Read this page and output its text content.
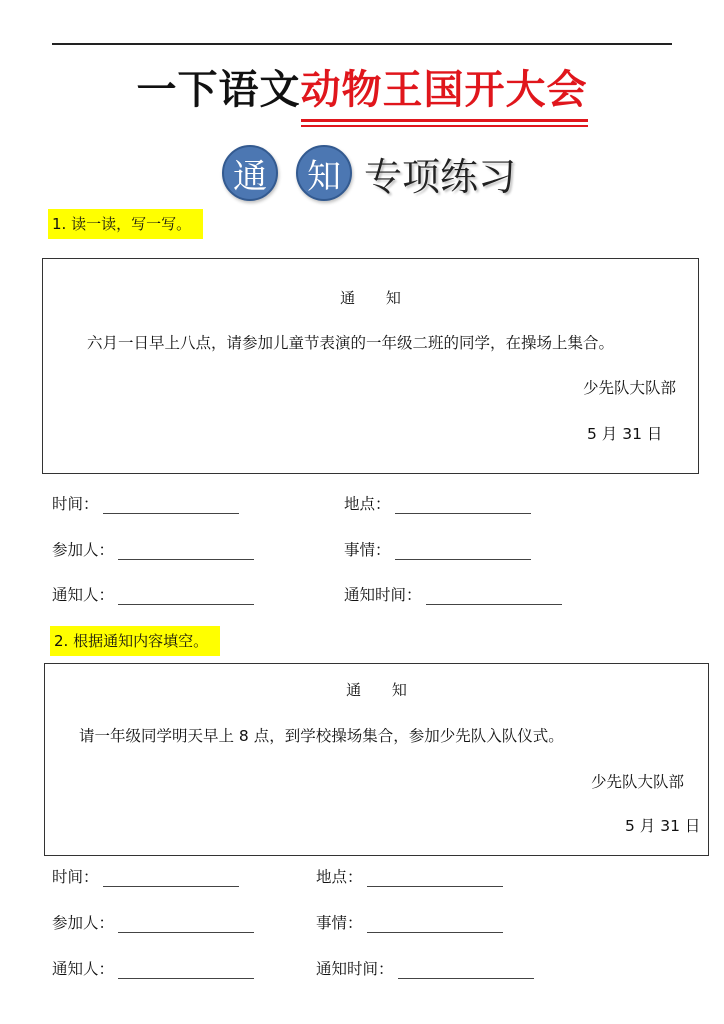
一下语文动物王国开大会
通	知 专项练习
1. 读一读，写一写。
通 知
六月一日早上八点，请参加儿童节表演的一年级二班的同学，在操场上集合。
少先队大队部
5 月 31 日
时间：	地点：
参加人：	事情：
通知人：	通知时间：
2. 根据通知内容填空。
通 知
请一年级同学明天早上 8 点，到学校操场集合，参加少先队入队仪式。
少先队大队部
5 月 31 日
时间：	地点：
参加人：	事情：
通知人：	通知时间：
